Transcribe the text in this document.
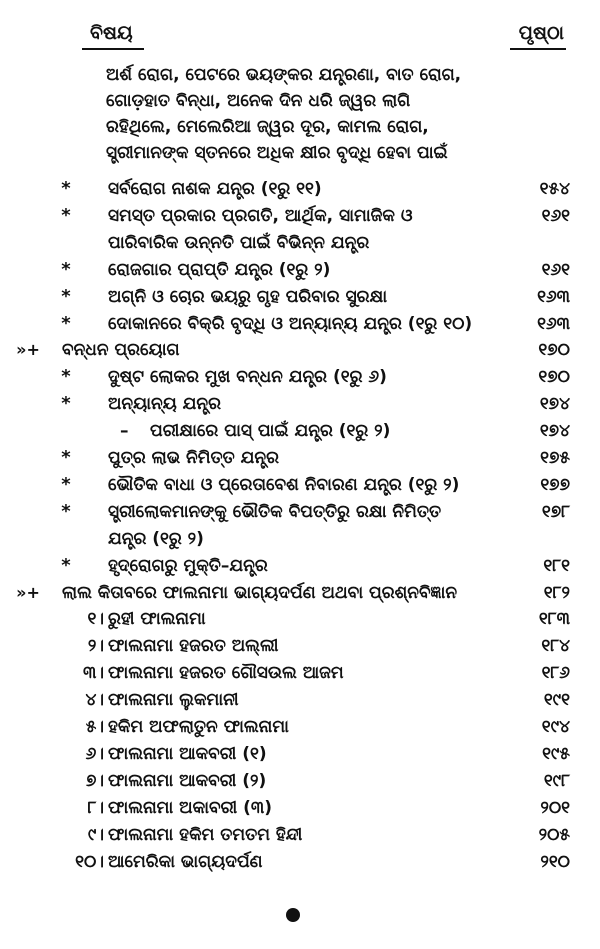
ବିଷୟ	ପୃଷ୍ଠା
ଅର୍ଶ ରୋଗ, ପେଟରେ ଭୟଙ୍କର ଯନ୍ତ୍ରଣା, ବାତ ରୋଗ,
ଗୋଡ଼ହାତ ବିନ୍ଧା, ଅନେକ ଦିନ ଧରି ଜ୍ୱର ଲାଗି
ରହିଥିଲେ, ମେଲେରିଆ ଜ୍ୱର ଦୂର, କାମଲ ରୋଗ,
ସ୍ତ୍ରୀମାନଙ୍କ ସ୍ତନରେ ଅଧିକ କ୍ଷୀର ବୃଦ୍ଧି ହେବା ପାଇଁ
*	ସର୍ବରୋଗ ନାଶକ ଯନ୍ତ୍ର (୧ରୁ ୧୧)	୧୫୪
*	ସମସ୍ତ ପ୍ରକାର ପ୍ରଗତି, ଆର୍ଥିକ, ସାମାଜିକ ଓ	୧୬୧
ପାରିବାରିକ ଉନ୍ନତି ପାଇଁ ବିଭିନ୍ନ ଯନ୍ତ୍ର
*	ରୋଜଗାର ପ୍ରାପ୍ତି ଯନ୍ତ୍ର (୧ରୁ ୨)	୧୬୧
*	ଅଗ୍ନି ଓ ଚୋର ଭୟରୁ ଗୃହ ପରିବାର ସୁରକ୍ଷା	୧୬୩
*	ଦୋକାନରେ ବିକ୍ରି ବୃଦ୍ଧି ଓ ଅନ୍ୟାନ୍ୟ ଯନ୍ତ୍ର (୧ରୁ ୧୦)	୧୬୩
»+ ବନ୍ଧନ ପ୍ରୟୋଗ	୧୭୦
*	ଦୁଷ୍ଟ ଲୋକର ମୁଖ ବନ୍ଧନ ଯନ୍ତ୍ର (୧ରୁ ୬)	୧୭୦
*	ଅନ୍ୟାନ୍ୟ ଯନ୍ତ୍ର	୧୭୪
– ପରୀକ୍ଷାରେ ପାସ୍ ପାଇଁ ଯନ୍ତ୍ର (୧ରୁ ୨)	୧୭୪
*	ପୁତ୍ର ଲାଭ ନିମିତ୍ତ ଯନ୍ତ୍ର	୧୭୫
*	ଭୌତିକ ବାଧା ଓ ପ୍ରେତାବେଶ ନିବାରଣ ଯନ୍ତ୍ର (୧ରୁ ୨)	୧୭୭
*	ସ୍ତ୍ରୀଲୋକମାନଙ୍କୁ ଭୌତିକ ବିପତ୍ତିରୁ ରକ୍ଷା ନିମିତ୍ତ	୧୭୮
ଯନ୍ତ୍ର (୧ରୁ ୨)
*	ହୃଦ୍‌ରୋଗରୁ ମୁକ୍ତି–ଯନ୍ତ୍ର	୧୮୧
»+ ଲାଲ କିତାବରେ ଫାଲନାମା ଭାଗ୍ୟଦର୍ପଣ ଅଥବା ପ୍ରଶ୍ନବିଜ୍ଞାନ	୧୮୨
୧। ରୁହୀ ଫାଲନାମା	୧୮୩
୨। ଫାଲନାମା ହଜରତ ଅଲ୍ଲୀ	୧୮୪
୩। ଫାଲନାମା ହଜରତ ଗୌସଉଲ ଆଜମ	୧୮୬
୪। ଫାଲନାମା ଲୁକମାନୀ	୧୯୧
୫। ହକିମ ଅଫଲାତୁନ ଫାଲନାମା	୧୯୪
୬। ଫାଲନାମା ଆକବରୀ (୧)	୧୯୫
୭। ଫାଲନାମା ଆକବରୀ (୨)	୧୯୮
୮। ଫାଲନାମା ଅକାବରୀ (୩)	୨୦୧
୯। ଫାଲନାମା ହକିମ ତମତମ ହିନ୍ଦୀ	୨୦୫
୧୦। ଆମେରିକା ଭାଗ୍ୟଦର୍ପଣ	୨୧୦
